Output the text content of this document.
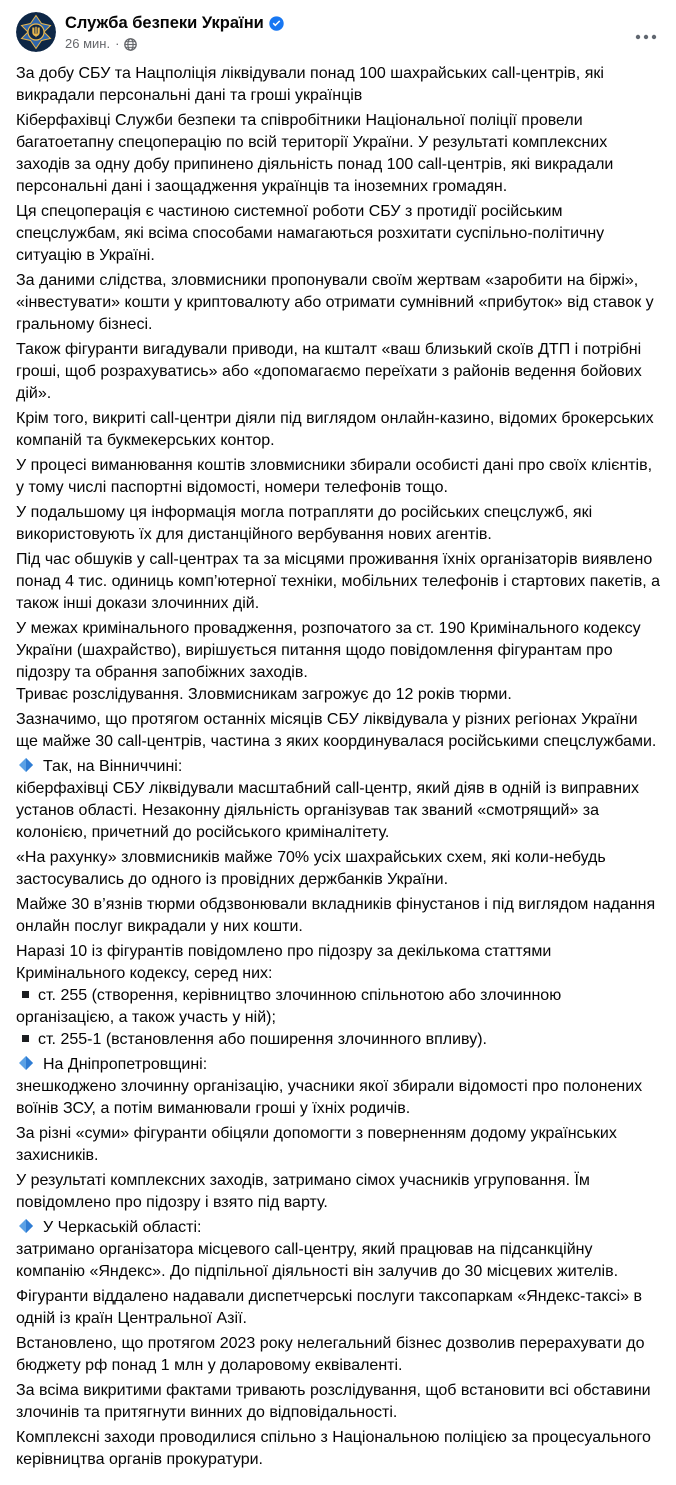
Служба безпеки України
26 мин. ·
За добу СБУ та Нацполіція ліквідували понад 100 шахрайських call-центрів, які викрадали персональні дані та гроші українців
Кіберфахівці Служби безпеки та співробітники Національної поліції провели багатоетапну спецоперацію по всій території України. У результаті комплексних заходів за одну добу припинено діяльність понад 100 call-центрів, які викрадали персональні дані і заощадження українців та іноземних громадян.
Ця спецоперація є частиною системної роботи СБУ з протидії російським спецслужбам, які всіма способами намагаються розхитати суспільно-політичну ситуацію в Україні.
За даними слідства, зловмисники пропонували своїм жертвам «заробити на біржі», «інвестувати» кошти у криптовалюту або отримати сумнівний «прибуток» від ставок у гральному бізнесі.
Також фігуранти вигадували приводи, на кшталт «ваш близький скоїв ДТП і потрібні гроші, щоб розрахуватись» або «допомагаємо переїхати з районів ведення бойових дій».
Крім того, викриті call-центри діяли під виглядом онлайн-казино, відомих брокерських компаній та букмекерських контор.
У процесі виманювання коштів зловмисники збирали особисті дані про своїх клієнтів, у тому числі паспортні відомості, номери телефонів тощо.
У подальшому ця інформація могла потрапляти до російських спецслужб, які використовують їх для дистанційного вербування нових агентів.
Під час обшуків у call-центрах та за місцями проживання їхніх організаторів виявлено понад 4 тис. одиниць комп’ютерної техніки, мобільних телефонів і стартових пакетів, а також інші докази злочинних дій.
У межах кримінального провадження, розпочатого за ст. 190 Кримінального кодексу України (шахрайство), вирішується питання щодо повідомлення фігурантам про підозру та обрання запобіжних заходів.
Триває розслідування. Зловмисникам загрожує до 12 років тюрми.
Зазначимо, що протягом останніх місяців СБУ ліквідувала у різних регіонах України ще майже 30 call-центрів, частина з яких координувалася російськими спецслужбами.
Так, на Вінниччині:
кіберфахівці СБУ ліквідували масштабний call-центр, який діяв в одній із виправних установ області. Незаконну діяльність організував так званий «смотрящий» за колонією, причетний до російського криміналітету.
«На рахунку» зловмисників майже 70% усіх шахрайських схем, які коли-небудь застосувались до одного із провідних держбанків України.
Майже 30 в’язнів тюрми обдзвонювали вкладників фінустанов і під виглядом надання онлайн послуг викрадали у них кошти.
Наразі 10 із фігурантів повідомлено про підозру за декількома статтями Кримінального кодексу, серед них:
ст. 255 (створення, керівництво злочинною спільнотою або злочинною організацією, а також участь у ній);
ст. 255-1 (встановлення або поширення злочинного впливу).
На Дніпропетровщині:
знешкоджено злочинну організацію, учасники якої збирали відомості про полонених воїнів ЗСУ, а потім виманювали гроші у їхніх родичів.
За різні «суми» фігуранти обіцяли допомогти з поверненням додому українських захисників.
У результаті комплексних заходів, затримано сімох учасників угруповання. Їм повідомлено про підозру і взято під варту.
У Черкаській області:
затримано організатора місцевого call-центру, який працював на підсанкційну компанію «Яндекс». До підпільної діяльності він залучив до 30 місцевих жителів.
Фігуранти віддалено надавали диспетчерські послуги таксопаркам «Яндекс-таксі» в одній із країн Центральної Азії.
Встановлено, що протягом 2023 року нелегальний бізнес дозволив перерахувати до бюджету рф понад 1 млн у доларовому еквіваленті.
За всіма викритими фактами тривають розслідування, щоб встановити всі обставини злочинів та притягнути винних до відповідальності.
Комплексні заходи проводилися спільно з Національною поліцією за процесуального керівництва органів прокуратури.
